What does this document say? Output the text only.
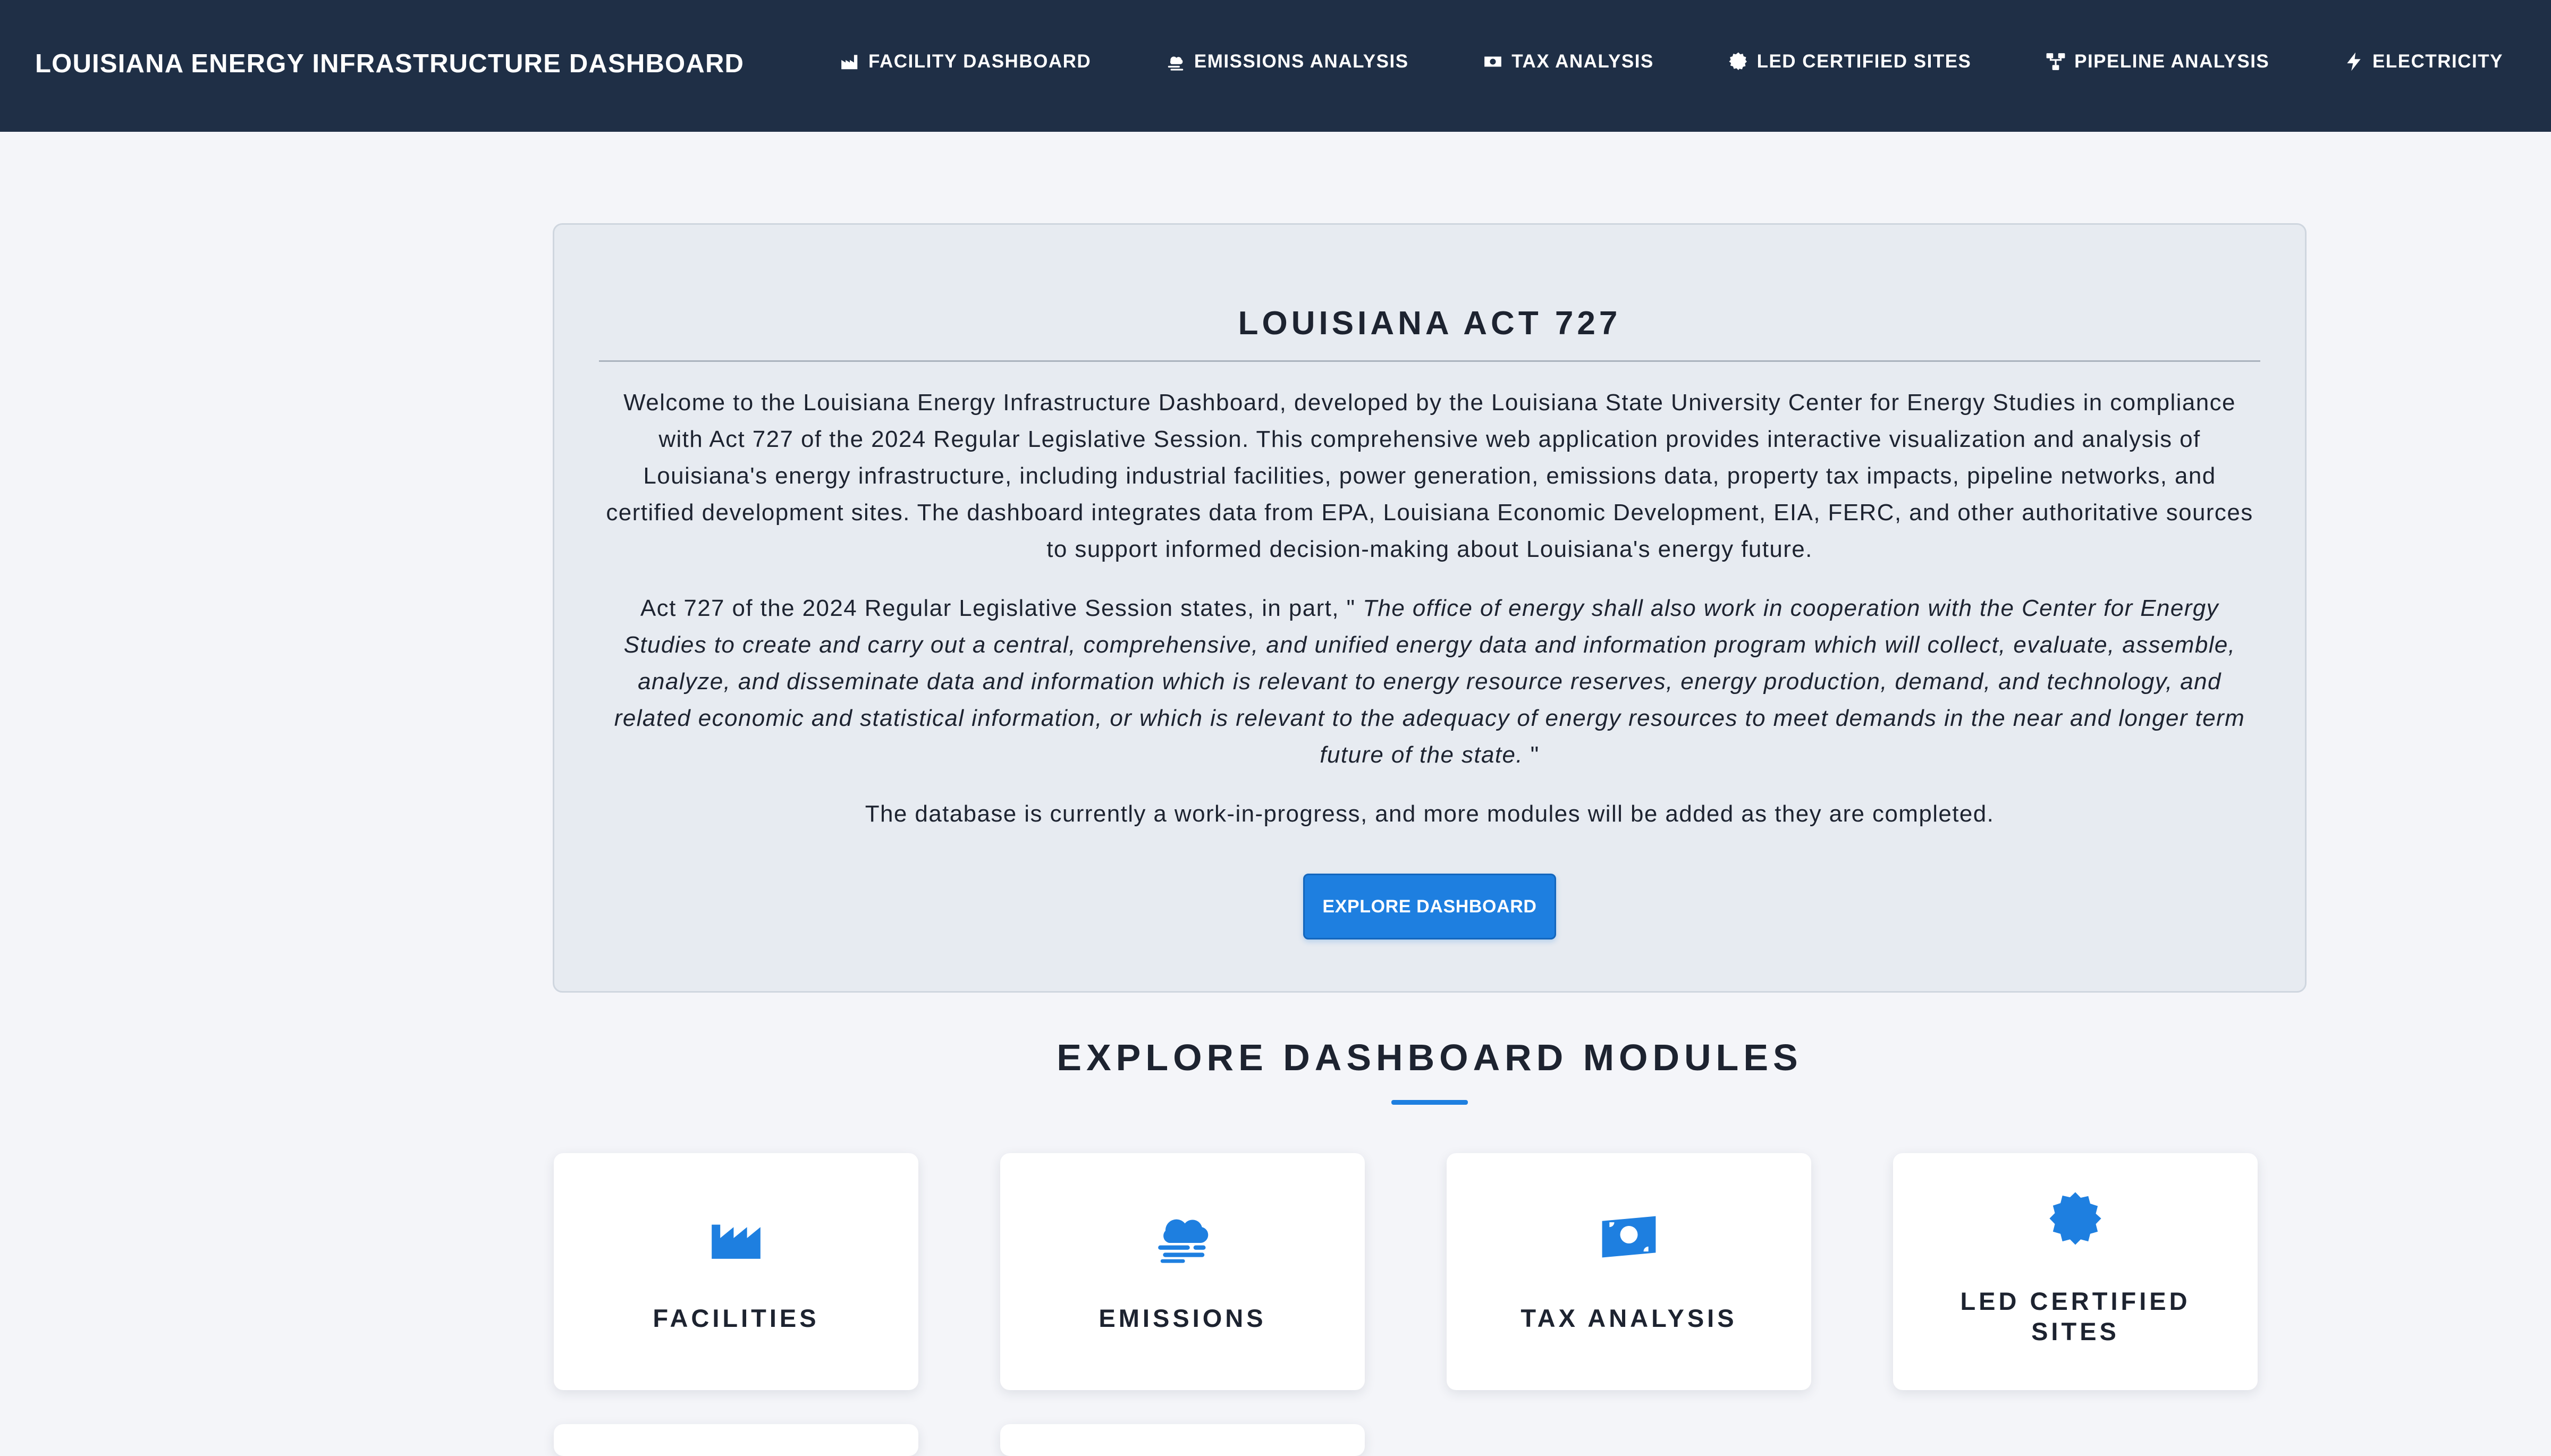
LOUISIANA ENERGY INFRASTRUCTURE DASHBOARD	FACILITY DASHBOARD	EMISSIONS ANALYSIS	TAX ANALYSIS	LED CERTIFIED SITES	PIPELINE ANALYSIS	ELECTRICITY
LOUISIANA ACT 727

Welcome to the Louisiana Energy Infrastructure Dashboard, developed by the Louisiana State University Center for Energy Studies in compliance with Act 727 of the 2024 Regular Legislative Session. This comprehensive web application provides interactive visualization and analysis of Louisiana's energy infrastructure, including industrial facilities, power generation, emissions data, property tax impacts, pipeline networks, and certified development sites. The dashboard integrates data from EPA, Louisiana Economic Development, EIA, FERC, and other authoritative sources to support informed decision-making about Louisiana's energy future.

Act 727 of the 2024 Regular Legislative Session states, in part, " The office of energy shall also work in cooperation with the Center for Energy Studies to create and carry out a central, comprehensive, and unified energy data and information program which will collect, evaluate, assemble, analyze, and disseminate data and information which is relevant to energy resource reserves, energy production, demand, and technology, and related economic and statistical information, or which is relevant to the adequacy of energy resources to meet demands in the near and longer term future of the state. "

The database is currently a work-in-progress, and more modules will be added as they are completed.

EXPLORE DASHBOARD
EXPLORE DASHBOARD MODULES
FACILITIES	EMISSIONS	TAX ANALYSIS
LED CERTIFIED SITES
